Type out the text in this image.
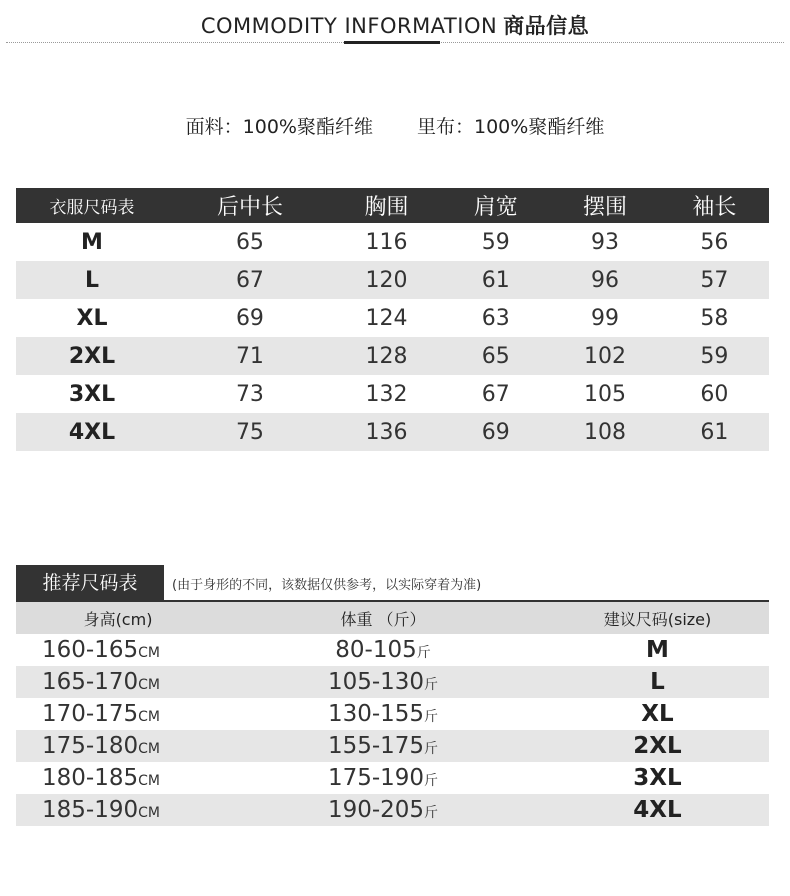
COMMODITY INFORMATION 商品信息
面料：100%聚酯纤维 里布：100%聚酯纤维
衣服尺码表	后中长	胸围	肩宽	摆围	袖长
M	65	116	59	93	56
L	67	120	61	96	57
XL	69	124	63	99	58
2XL	71	128	65	102	59
3XL	73	132	67	105	60
4XL	75	136	69	108	61
推荐尺码表	(由于身形的不同，该数据仅供参考，以实际穿着为准)
身高(cm)	体重 （斤）	建议尺码(size)
160-165CM	80-105斤	M
165-170CM	105-130斤	L
170-175CM	130-155斤	XL
175-180CM	155-175斤	2XL
180-185CM	175-190斤	3XL
185-190CM	190-205斤	4XL
